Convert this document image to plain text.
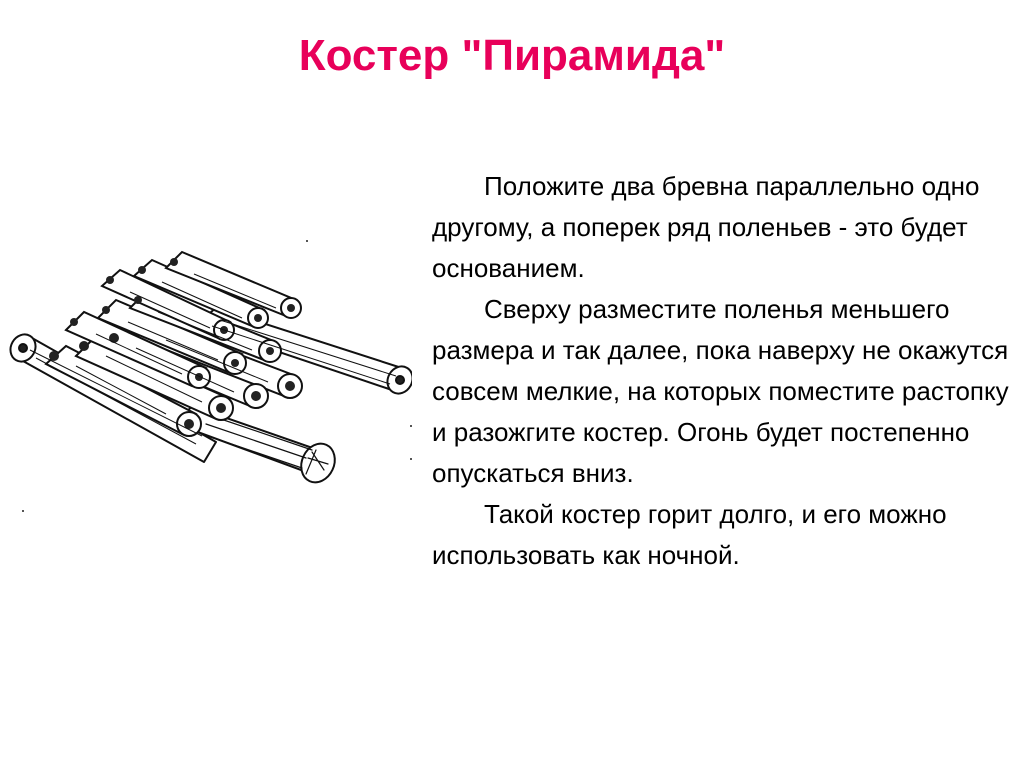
Костер "Пирамида"

Положите два бревна параллельно одно другому, а поперек ряд поленьев - это будет основанием.

Сверху разместите поленья меньшего размера и так далее, пока наверху не окажутся совсем мелкие, на которых поместите растопку и разожгите костер. Огонь будет постепенно опускаться вниз.

Такой костер горит долго, и его можно использовать как ночной.
